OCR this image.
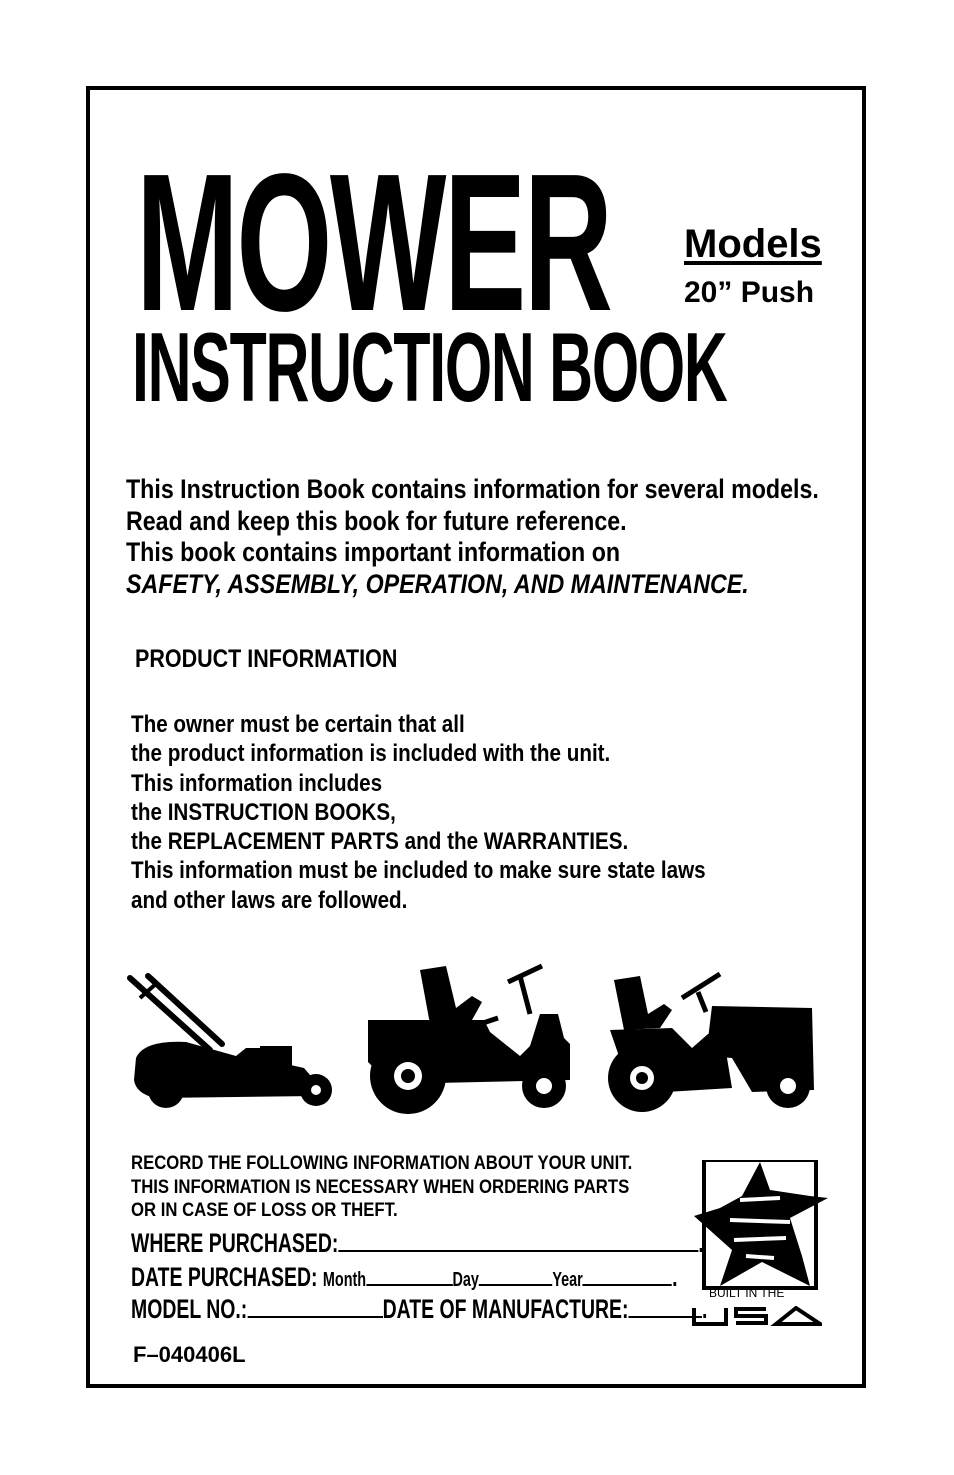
MOWER
INSTRUCTION BOOK
Models
20” Push
This Instruction Book contains information for several models.
Read and keep this book for future reference.
This book contains important information on
SAFETY, ASSEMBLY, OPERATION, AND MAINTENANCE.
PRODUCT INFORMATION
The owner must be certain that all
the product information is included with the unit.
This information includes
the INSTRUCTION BOOKS,
the REPLACEMENT PARTS and the WARRANTIES.
This information must be included to make sure state laws
and other laws are followed.
RECORD THE FOLLOWING INFORMATION ABOUT YOUR UNIT.
THIS INFORMATION IS NECESSARY WHEN ORDERING PARTS
OR IN CASE OF LOSS OR THEFT.
WHERE PURCHASED:	.
DATE PURCHASED: Month	Day	Year	.
MODEL NO.:	DATE OF MANUFACTURE:	.
F–040406L
BUILT IN THE
